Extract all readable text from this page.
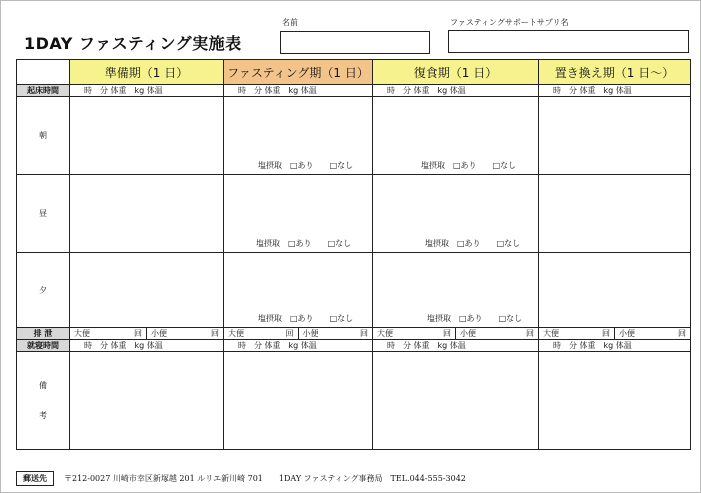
1DAY ファスティング実施表
名前	ファスティングサポートサプリ名
	準備期（1 日）	ファスティング期（1 日）	復食期（1 日）	置き換え期（1 日〜）
起床時間	時　分 体重　kg 体温	時　分 体重　kg 体温	時　分 体重　kg 体温	時　分 体重　kg 体温

朝		塩摂取　 □あり　　 □なし	塩摂取　 □あり　　 □なし	

昼		塩摂取　 □あり　　 □なし	塩摂取　 □あり　　 □なし	

夕		塩摂取　 □あり　　 □なし	塩摂取　 □あり　　 □なし	

排 泄	大便 回 小便 回	大便 回 小便 回	大便 回 小便 回	大便 回 小便 回

就寝時間	時　分 体重　kg 体温	時　分 体重　kg 体温	時　分 体重　kg 体温	時　分 体重　kg 体温

備
考				
郵送先	〒212-0027 川崎市幸区新塚越 201 ルリエ新川崎 701　　1DAY ファスティング事務局　TEL.044-555-3042
